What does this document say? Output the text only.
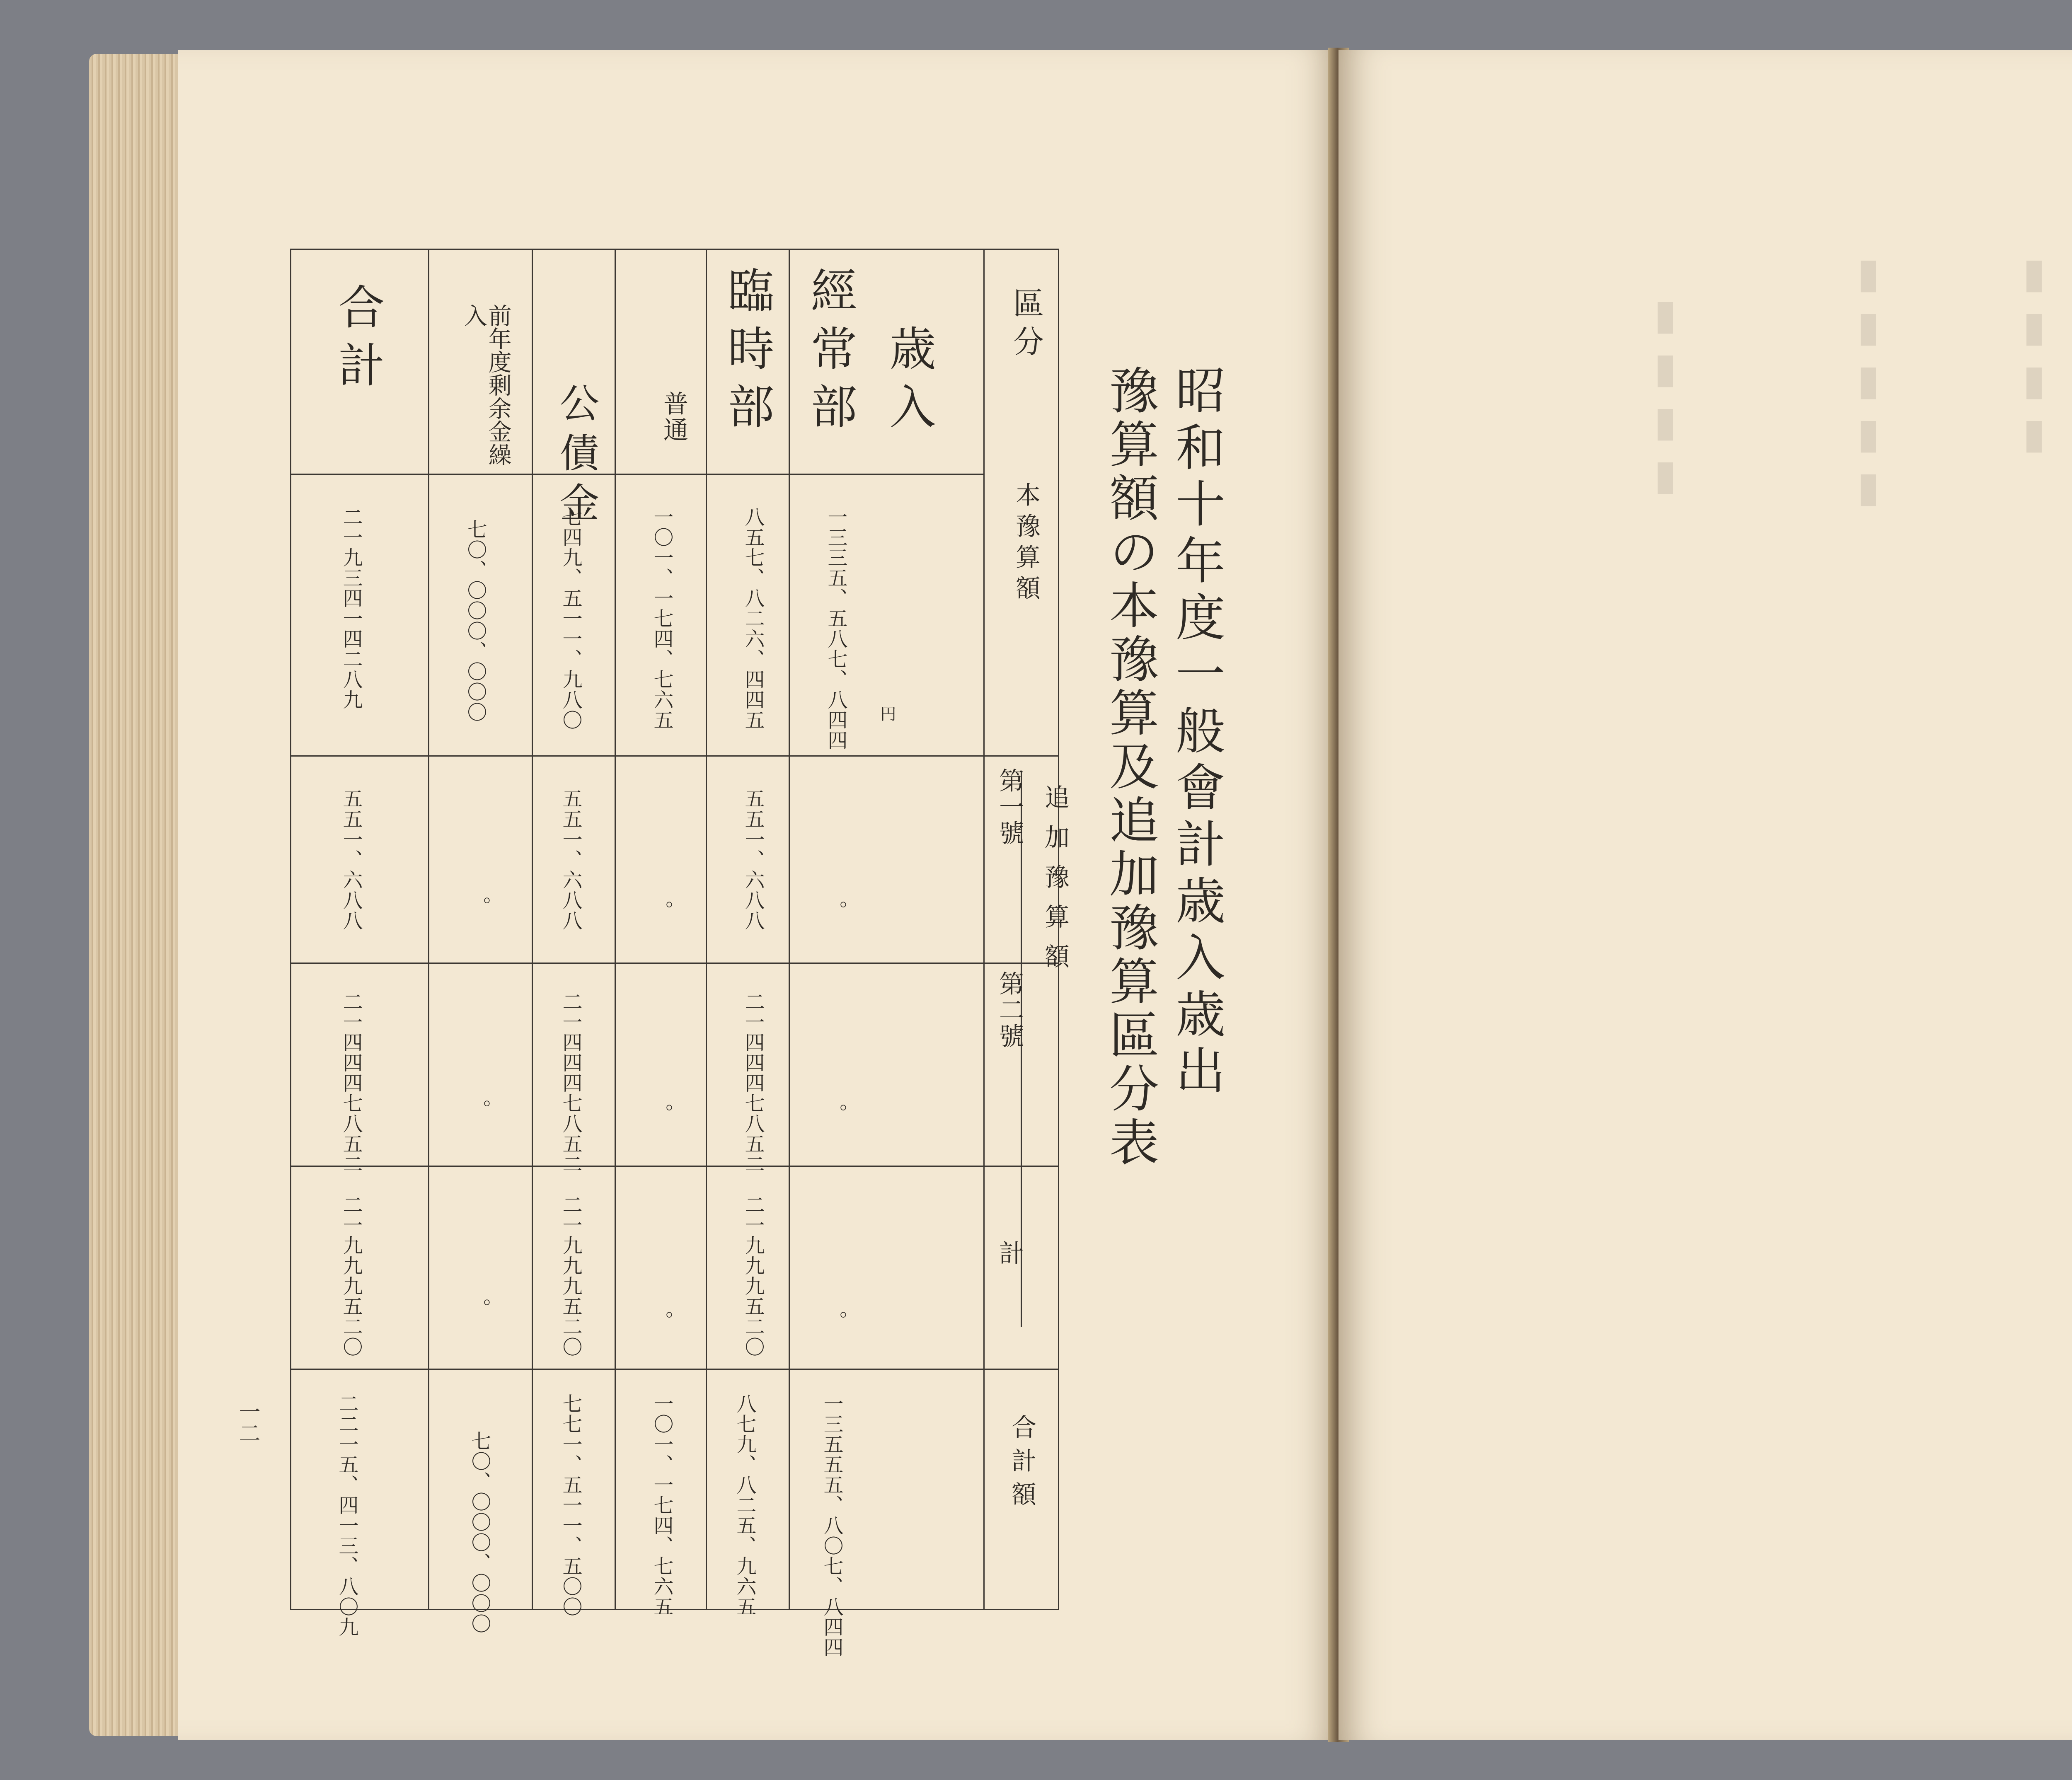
昭和十年度一般會計歳入歳出
豫算額の本豫算及追加豫算區分表
區分
本豫算額
追加豫算額
第一號
第二號
計
合計額
歳入
一三三五、五八七、八四四 円
。
。
。
一三五五五、八〇七、八四四
經常部
八五七、八二六、四四五
五五一、六八八
二一四四四七八五二
二一九九九五二〇
八七九、八二五、九六五
臨時部
普通
一〇一、一七四、七六五
。
。
。
一〇一、一七四、七六五
公債金
七四九、五一一、九八〇
五五一、六八八
二一四四四七八五二
二一九九九五二〇
七七一、五一一、五〇〇
前年度剰余金繰入
七〇、〇〇〇、〇〇〇
。
。
。
七〇、〇〇〇、〇〇〇
合計
二一九三四一四二八九
五五一、六八八
二一四四四七八五二
二一九九九五二〇
二二一五、四一三、八〇九
一二
▮▮▮▮
▮▮▮▮▮
▮▮▮▮
